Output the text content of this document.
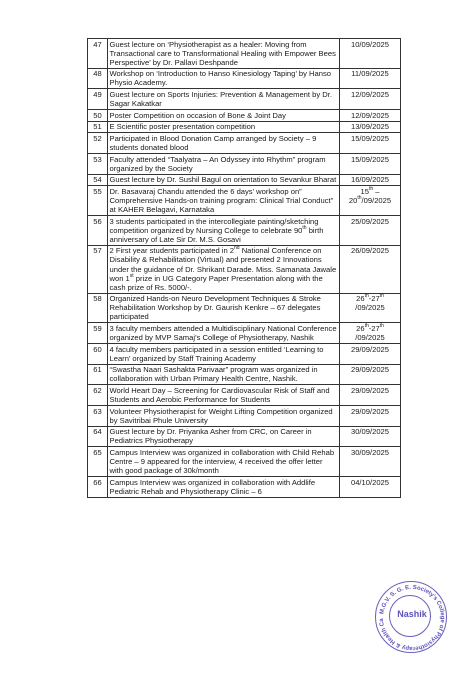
47	Guest lecture on ‘Physiotherapist as a healer: Moving from Transactional care to Transformational Healing with Empower Bees Perspective’ by Dr. Pallavi Deshpande	10/09/2025
48	Workshop on ‘Introduction to Hanso Kinesiology Taping’ by Hanso Physio Academy.	11/09/2025
49	Guest lecture on Sports Injuries: Prevention & Management by Dr. Sagar Kakatkar	12/09/2025
50	Poster Competition on occasion of Bone & Joint Day	12/09/2025
51	E Scientific poster presentation competition	13/09/2025
52	Participated in Blood Donation Camp arranged by Society – 9 students donated blood	15/09/2025
53	Faculty attended “Taalyatra – An Odyssey into Rhythm” program organized by the Society	15/09/2025
54	Guest lecture by Dr. Sushil Bagul on orientation to Sevankur Bharat	16/09/2025
55	Dr. Basavaraj Chandu attended the 6 days’ workshop on” Comprehensive Hands-on training program: Clinical Trial Conduct” at KAHER Belagavi, Karnataka	15th –
20th/09/2025
56	3 students participated in the intercollegiate painting/sketching competition organized by Nursing College to celebrate 90th birth anniversary of Late Sir Dr. M.S. Gosavi	25/09/2025
57	2 First year students participated in 2nd National Conference on Disability & Rehabilitation (Virtual) and presented 2 Innovations under the guidance of Dr. Shrikant Darade. Miss. Samanata Jawale won 1st prize in UG Category Paper Presentation along with the cash prize of Rs. 5000/-.	26/09/2025
58	Organized Hands-on Neuro Development Techniques & Stroke Rehabilitation Workshop by Dr. Gaurish Kenkre – 67 delegates participated	26th-27th
/09/2025
59	3 faculty members attended a Multidisciplinary National Conference organized by MVP Samaj’s College of Physiotherapy, Nashik	26th-27th
/09/2025
60	4 faculty members participated in a session entitled ‘Learning to Learn’ organized by Staff Training Academy	29/09/2025
61	“Swastha Naari Sashakta Parivaar” program was organized in collaboration with Urban Primary Health Centre, Nashik.	29/09/2025
62	World Heart Day – Screening for Cardiovascular Risk of Staff and Students and Aerobic Performance for Students	29/09/2025
63	Volunteer Physiotherapist for Weight Lifting Competition organized by Savitribai Phule University	29/09/2025
64	Guest lecture by Dr. Priyanka Asher from CRC, on Career in Pediatrics Physiotherapy	30/09/2025
65	Campus Interview was organized in collaboration with Child Rehab Centre – 9 appeared for the interview, 4 received the offer letter with good package of 30k/month	30/09/2025
66	Campus Interview was organized in collaboration with Addlife Pediatric Rehab and Physiotherapy Clinic – 6	04/10/2025
M.G.V. S. G. E. Society's College of Physiotherapy & Health Ca
Nashik
